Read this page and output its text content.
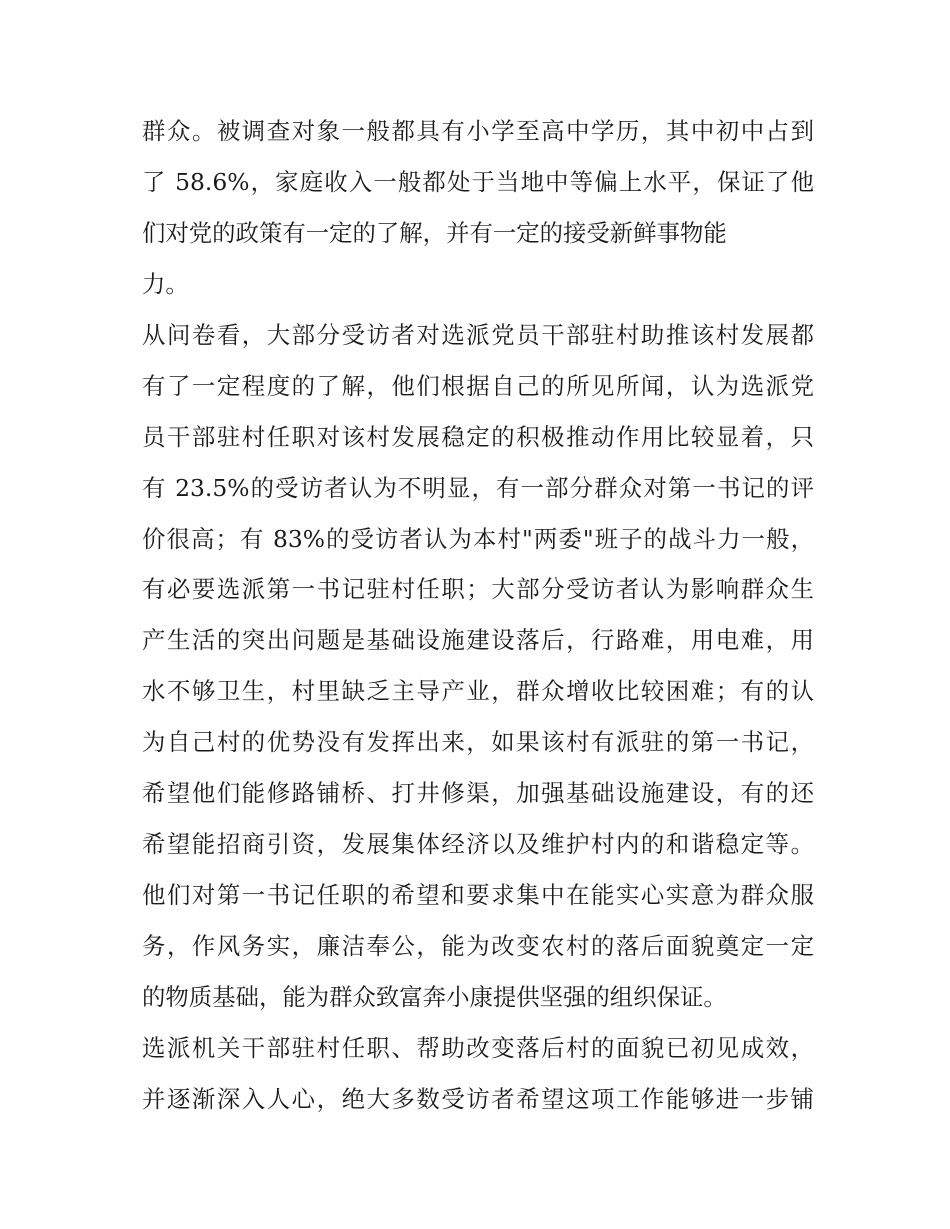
群众。被调查对象一般都具有小学至高中学历，其中初中占到
了 58.6%，家庭收入一般都处于当地中等偏上水平，保证了他
们对党的政策有一定的了解，并有一定的接受新鲜事物能
力。
从问卷看，大部分受访者对选派党员干部驻村助推该村发展都
有了一定程度的了解，他们根据自己的所见所闻，认为选派党
员干部驻村任职对该村发展稳定的积极推动作用比较显着，只
有 23.5%的受访者认为不明显，有一部分群众对第一书记的评
价很高；有 83%的受访者认为本村"两委"班子的战斗力一般，
有必要选派第一书记驻村任职；大部分受访者认为影响群众生
产生活的突出问题是基础设施建设落后，行路难，用电难，用
水不够卫生，村里缺乏主导产业，群众增收比较困难；有的认
为自己村的优势没有发挥出来，如果该村有派驻的第一书记，
希望他们能修路铺桥、打井修渠，加强基础设施建设，有的还
希望能招商引资，发展集体经济以及维护村内的和谐稳定等。
他们对第一书记任职的希望和要求集中在能实心实意为群众服
务，作风务实，廉洁奉公，能为改变农村的落后面貌奠定一定
的物质基础，能为群众致富奔小康提供坚强的组织保证。
选派机关干部驻村任职、帮助改变落后村的面貌已初见成效，
并逐渐深入人心，绝大多数受访者希望这项工作能够进一步铺
